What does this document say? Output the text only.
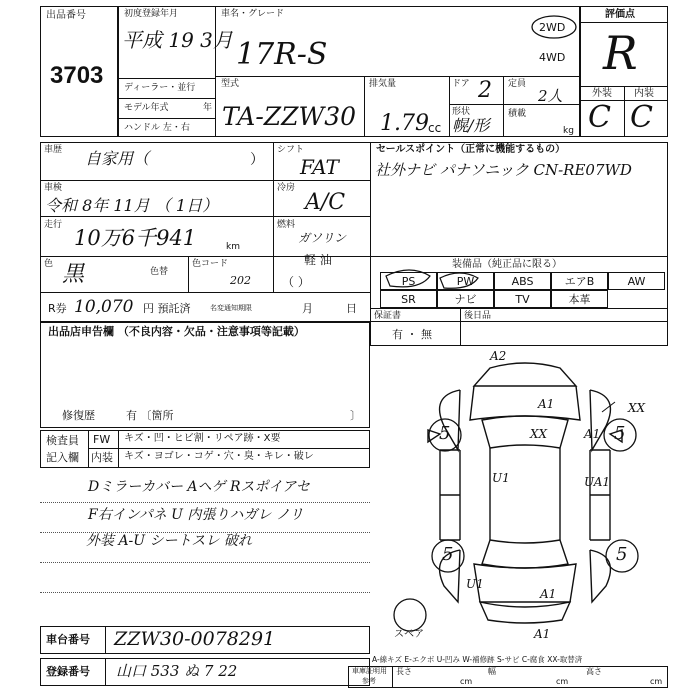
出品番号
3703
初度登録年月
平成 19 3月
車名・グレード
17R-S
ディーラー・並行
モデル年式	年
ハンドル 左・右
型式
TA-ZZW30
排気量
1.79 cc
ドア 2
形状
幌/形
定員
2人
積載
kg
2WD
4WD
評価点
R
外装 内装
C C
車歴 自家用（	）
シフト
FAT
車検
令和 8年 11月 （ 1日）
冷房
A/C
走行
10万6千941	km
燃料
ガソリン
軽 油
（ ）
色 黒	色替
色コード
202
R券 10,070 円 預託済	名変通知期限	月	日
セールスポイント（正常に機能するもの）
社外ナビ パナソニック CN-RE07WD
装備品（純正品に限る）
PS	PW	ABS	エアB	AW
SR	ナビ	TV	本革
保証書
有 ・ 無
後日品
出品店申告欄 （不良内容・欠品・注意事項等記載）
修復歴	有 〔箇所	〕
検査員
記入欄
FW キズ・凹・ヒビ割・リペア跡・X要
内装 キズ・ヨゴレ・コゲ・穴・臭・キレ・破レ
Dミラーカバー Aヘゲ Rスポイアセ
F右インパネ U 内張りハガレ ノリ
外装 A-U シートスレ 破れ
5	5
5	5
スペア
A2
A1
XX	A1
XX
U1	UA1
U1
A1
A1
車台番号 ZZW30-0078291
登録番号 山口 533 ぬ 7 22
A-線キズ E-エクボ U-凹み W-補修跡 S-サビ C-腐食 XX-取替済
車庫証明用
参考
長さ
cm
幅
cm
高さ
cm
